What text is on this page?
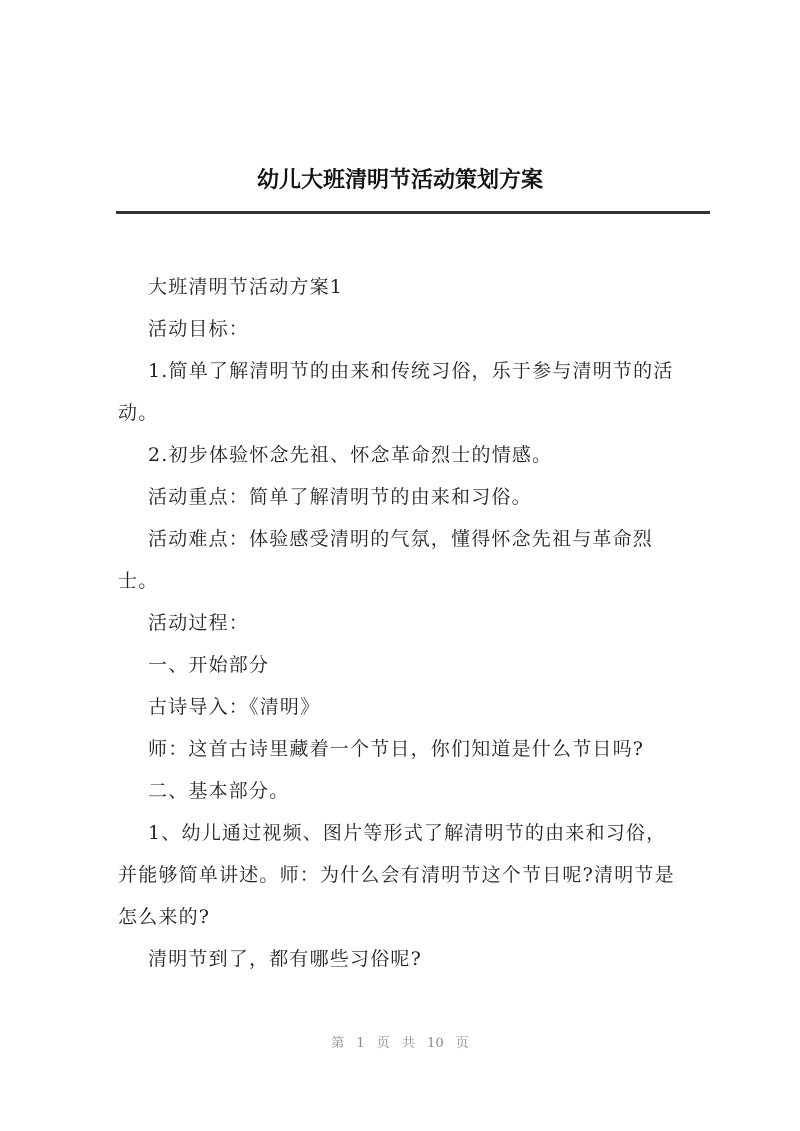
幼儿大班清明节活动策划方案
大班清明节活动方案1
活动目标：
1.简单了解清明节的由来和传统习俗，乐于参与清明节的活
动。
2.初步体验怀念先祖、怀念革命烈士的情感。
活动重点：简单了解清明节的由来和习俗。
活动难点：体验感受清明的气氛，懂得怀念先祖与革命烈
士。
活动过程：
一、开始部分
古诗导入：《清明》
师：这首古诗里藏着一个节日，你们知道是什么节日吗?
二、基本部分。
1、幼儿通过视频、图片等形式了解清明节的由来和习俗，
并能够简单讲述。师：为什么会有清明节这个节日呢?清明节是
怎么来的?
清明节到了，都有哪些习俗呢?
第 1 页 共 10 页
